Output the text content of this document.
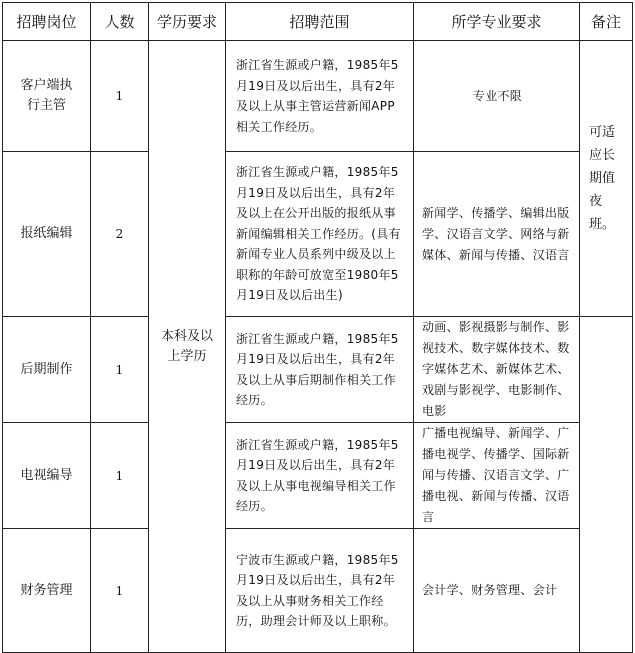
招聘岗位	人数	学历要求	招聘范围	所学专业要求	备注

客户端执行主管	1	本科及以上学历	浙江省生源或户籍，1985年5月19日及以后出生，具有2年及以上从事主管运营新闻APP相关工作经历。	专业不限	可适应长期值夜班。

报纸编辑	2		浙江省生源或户籍，1985年5月19日及以后出生，具有2年及以上在公开出版的报纸从事新闻编辑相关工作经历。(具有新闻专业人员系列中级及以上职称的年龄可放宽至1980年5月19日及以后出生)	新闻学、传播学、编辑出版学、汉语言文学、网络与新媒体、新闻与传播、汉语言	
后期制作	1		浙江省生源或户籍，1985年5月19日及以后出生，具有2年及以上从事后期制作相关工作经历。	动画、影视摄影与制作、影视技术、数字媒体技术、数字媒体艺术、新媒体艺术、戏剧与影视学、电影制作、电影	
电视编导	1		浙江省生源或户籍，1985年5月19日及以后出生，具有2年及以上从事电视编导相关工作经历。	广播电视编导、新闻学、广播电视学、传播学、国际新闻与传播、汉语言文学、广播电视、新闻与传播、汉语言	
财务管理	1		宁波市生源或户籍，1985年5月19日及以后出生，具有2年及以上从事财务相关工作经历，助理会计师及以上职称。	会计学、财务管理、会计	
